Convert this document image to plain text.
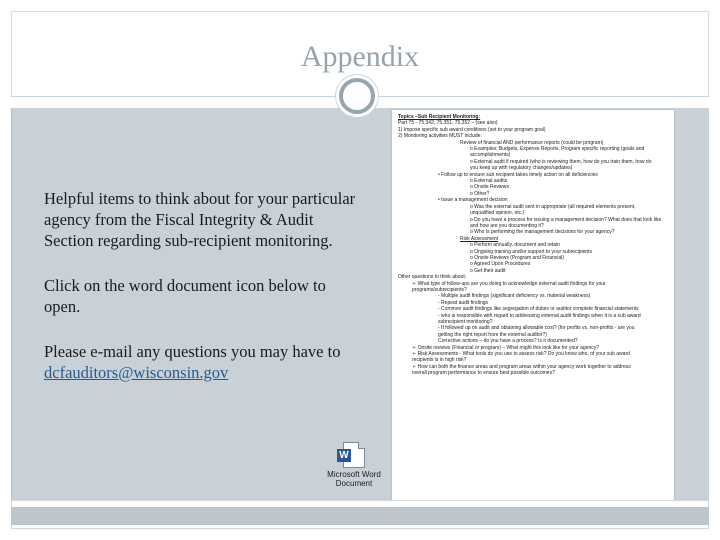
Appendix

Helpful items to think about for your particular agency from the Fiscal Integrity & Audit Section regarding sub-recipient monitoring.

Click on the word document icon below to open.

Please e-mail any questions you may have to dcfauditors@wisconsin.gov

W
Microsoft Word
Document
Topics –Sub Recipient Monitoring:
Part 75 - 75.342, 75.351, 75.352 – (see also)
1) Impose specific sub award conditions (set to your program goal)
2) Monitoring activities MUST include:
Review of financial AND performance reports (could be program)
o Examples: Budgets, Expense Reports, Program specific reporting (goals and
accomplishments)
o External audit if required (who is reviewing them, how do you train them, how do
you keep up with regulatory changes/updates)
• Follow up to ensure sub recipient takes timely action on all deficiencies
o External audits
o Onsite Reviews
o Other?
• Issue a management decision
o Was the external audit sent in appropriate (all required elements present,
unqualified opinion, etc.)
o Do you have a process for issuing a management decision? What does that look like
and how are you documenting it?
o Who is performing the management decisions for your agency?
Risk Assessment
o Perform annually, document and retain
o Ongoing training and/or support to your subrecipients
o Onsite Reviews (Program and Financial)
o Agreed Upon Procedures
o Get their audit
Other questions to think about:
➢ What type of follow-ups are you doing to acknowledge external audit findings for your
programs/subrecipients?
- Multiple audit findings (significant deficiency vs. material weakness)
- Repeat audit findings
- Common audit findings like segregation of duties or auditor complete financial statements
- who is responsible with regard to addressing external audit findings when it is a sub award
subrecipient monitoring?
- If followed up on audit and obtaining allowable cost? (for profits vs. non-profits - are you
getting the right report from the external auditor?)
Corrective actions – do you have a process? Is it documented?
➢ Onsite reviews (Financial or program) – What might this look like for your agency?
➢ Risk Assessments - What tools do you use to assess risk? Do you know who, of your sub award
recipients is in high risk?
➢ How can both the finance areas and program areas within your agency work together to address
overall program performance to ensure best possible outcomes?
